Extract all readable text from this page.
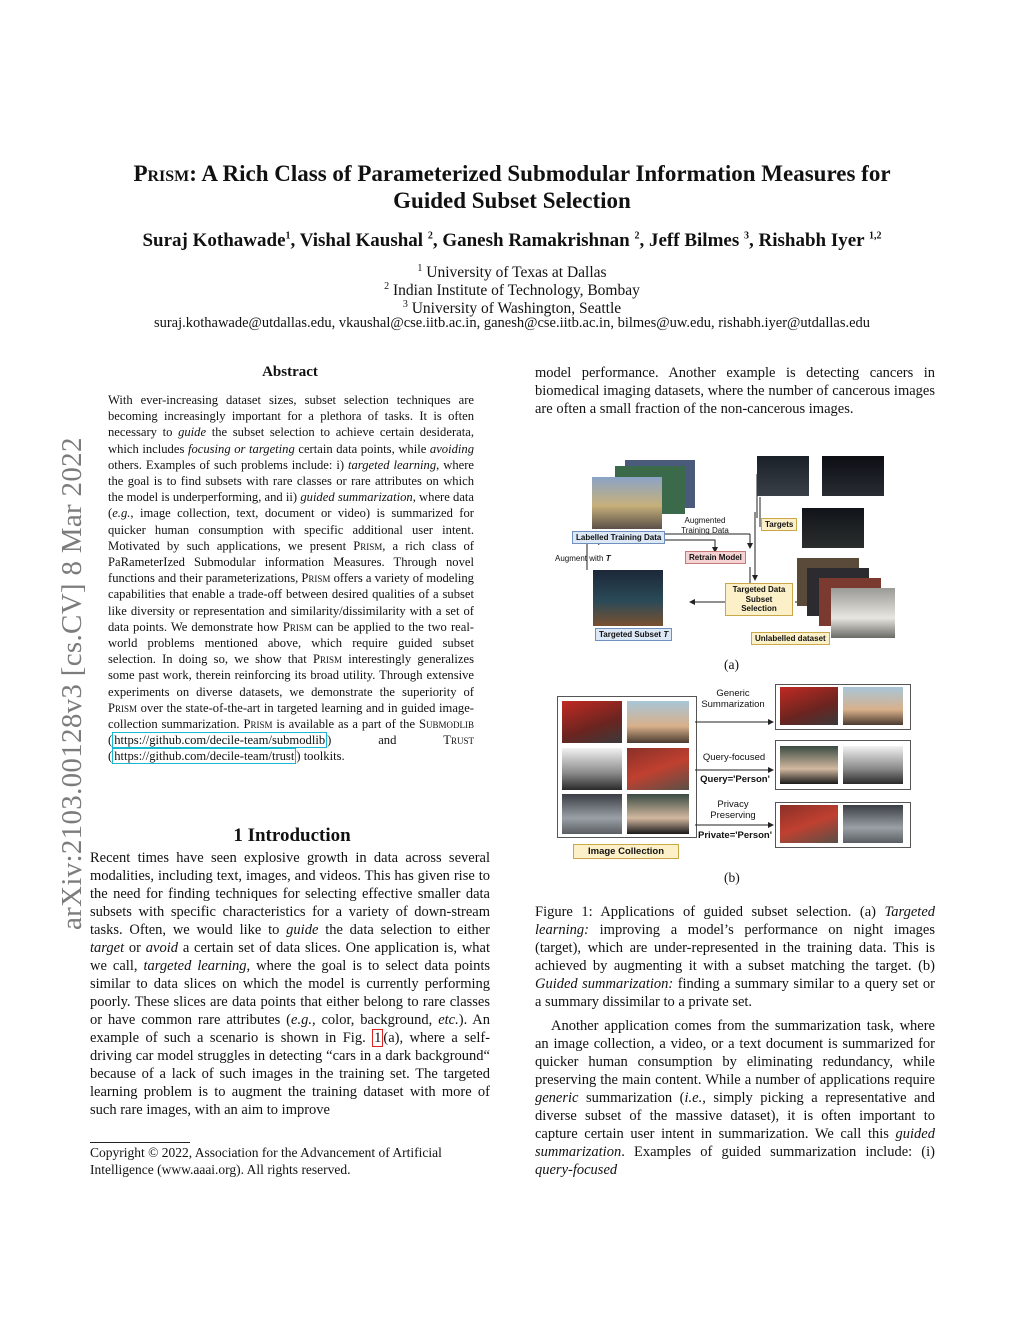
arXiv:2103.00128v3 [cs.CV] 8 Mar 2022
Prism: A Rich Class of Parameterized Submodular Information Measures for
Guided Subset Selection
Suraj Kothawade$^1$, Vishal Kaushal $^2$, Ganesh Ramakrishnan $^2$, Jeff Bilmes $^3$, Rishabh Iyer $^{1,2}$
$^1$ University of Texas at Dallas
$^2$ Indian Institute of Technology, Bombay
$^3$ University of Washington, Seattle
suraj.kothawade@utdallas.edu, vkaushal@cse.iitb.ac.in, ganesh@cse.iitb.ac.in, bilmes@uw.edu, rishabh.iyer@utdallas.edu
Abstract
With ever-increasing dataset sizes, subset selection techniques are becoming increasingly important for a plethora of tasks. It is often necessary to guide the subset selection to achieve certain desiderata, which includes focusing or targeting certain data points, while avoiding others. Examples of such problems include: i) targeted learning, where the goal is to find subsets with rare classes or rare attributes on which the model is underperforming, and ii) guided summarization, where data (e.g., image collection, text, document or video) is summarized for quicker human consumption with specific additional user intent. Motivated by such applications, we present Prism, a rich class of PaRameterIzed Submodular information Measures. Through novel functions and their parameterizations, Prism offers a variety of modeling capabilities that enable a trade-off between desired qualities of a subset like diversity or representation and similarity/dissimilarity with a set of data points. We demonstrate how Prism can be applied to the two real-world problems mentioned above, which require guided subset selection. In doing so, we show that Prism interestingly generalizes some past work, therein reinforcing its broad utility. Through extensive experiments on diverse datasets, we demonstrate the superiority of Prism over the state-of-the-art in targeted learning and in guided image-collection summarization. Prism is available as a part of the Submodlib ( https://github.com/decile-team/submodlib ) and	Trust ( https://github.com/decile-team/trust ) toolkits.
1 Introduction
Recent times have seen explosive growth in data across several modalities, including text, images, and videos. This has given rise to the need for finding techniques for selecting effective smaller data subsets with specific characteristics for a variety of down-stream tasks. Often, we would like to guide the data selection to either target or avoid a certain set of data slices. One application is, what we call, targeted learning, where the goal is to select data points similar to data slices on which the model is currently performing poorly. These slices are data points that either belong to rare classes or have common rare attributes (e.g., color, background, etc.). An example of such a scenario is shown in Fig. 1 (a), where a self-driving car model struggles in detecting “cars in a dark background“ because of a lack of such images in the training set. The targeted learning problem is to augment the training dataset with more of such rare images, with an aim to improve
Copyright © 2022, Association for the Advancement of Artificial Intelligence (www.aaai.org). All rights reserved.
model performance. Another example is detecting cancers in biomedical imaging datasets, where the number of cancerous images are often a small fraction of the non-cancerous images.
Labelled Training Data
Augmented Training Data
Targets
Augment with T	Retrain Model
Targeted Subset T
Targeted Data Subset Selection
Unlabelled dataset
(a)
Image Collection
Generic Summarization
Query-focused
Query='Person'
Privacy Preserving
Private='Person'
(b)
Figure 1: Applications of guided subset selection. (a) Targeted learning: improving a model’s performance on night images (target), which are under-represented in the training data. This is achieved by augmenting it with a subset matching the target. (b) Guided summarization: finding a summary similar to a query set or a summary dissimilar to a private set.
Another application comes from the summarization task, where an image collection, a video, or a text document is summarized for quicker human consumption by eliminating redundancy, while preserving the main content. While a number of applications require generic summarization (i.e., simply picking a representative and diverse subset of the massive dataset), it is often important to capture certain user intent in summarization. We call this guided summarization. Examples of guided summarization include: (i) query-focused
